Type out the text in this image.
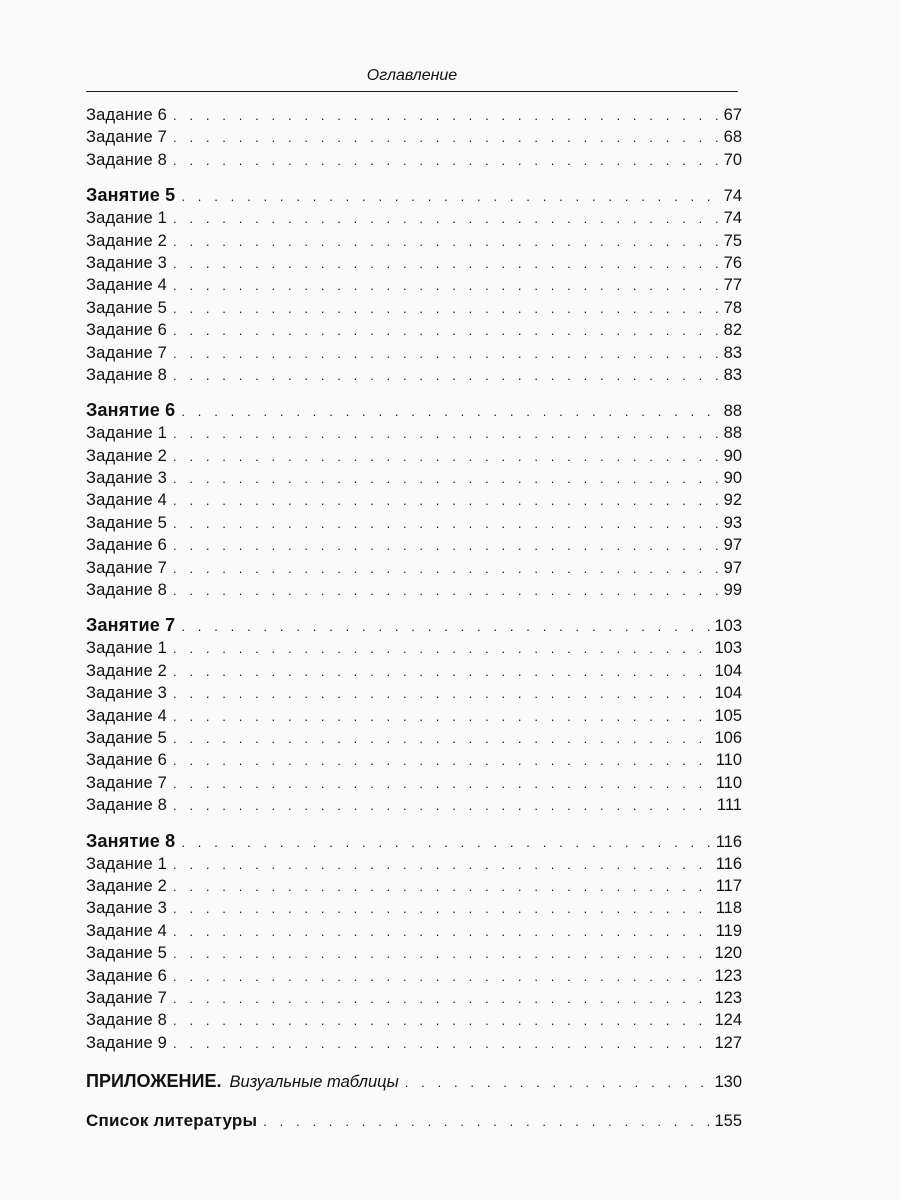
Оглавление
Задание 6 . . .	67
Задание 7 . . .	68
Задание 8 . . .	70
Занятие 5 . . .	74
Задание 1 . . .	74
Задание 2 . . .	75
Задание 3 . . .	76
Задание 4 . . .	77
Задание 5 . . .	78
Задание 6 . . .	82
Задание 7 . . .	83
Задание 8 . . .	83
Занятие 6 . . .	88
Задание 1 . . .	88
Задание 2 . . .	90
Задание 3 . . .	90
Задание 4 . . .	92
Задание 5 . . .	93
Задание 6 . . .	97
Задание 7 . . .	97
Задание 8 . . .	99
Занятие 7 . . .	103
Задание 1 . . .	103
Задание 2 . . .	104
Задание 3 . . .	104
Задание 4 . . .	105
Задание 5 . . .	106
Задание 6 . . .	110
Задание 7 . . .	110
Задание 8 . . .	111
Занятие 8 . . .	116
Задание 1 . . .	116
Задание 2 . . .	117
Задание 3 . . .	118
Задание 4 . . .	119
Задание 5 . . .	120
Задание 6 . . .	123
Задание 7 . . .	123
Задание 8 . . .	124
Задание 9 . . .	127
ПРИЛОЖЕНИЕ. Визуальные таблицы . . .	130
Список литературы . . .	155
